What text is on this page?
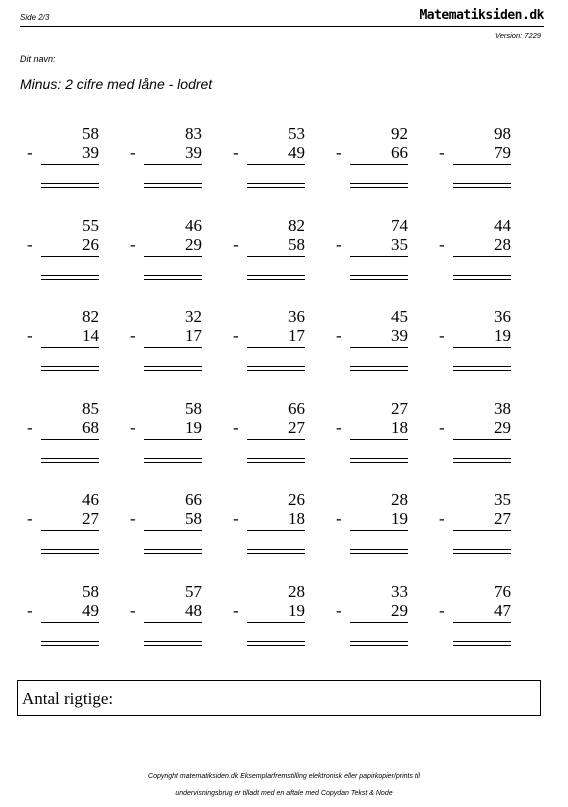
Side 2/3	Matematiksiden.dk
Version: 7229
Dit navn:
Minus: 2 cifre med låne - lodret
58
-	39
83
-	39
53
-	49
92
-	66
98
-	79
55
-	26
46
-	29
82
-	58
74
-	35
44
-	28
82
-	14
32
-	17
36
-	17
45
-	39
36
-	19
85
-	68
58
-	19
66
-	27
27
-	18
38
-	29
46
-	27
66
-	58
26
-	18
28
-	19
35
-	27
58
-	49
57
-	48
28
-	19
33
-	29
76
-	47
Antal rigtige:
Copyright matematiksiden.dk Eksemplarfremstilling elektronisk eller papirkopier/prints til
undervisningsbrug er tilladt med en aftale med Copydan Tekst & Node
